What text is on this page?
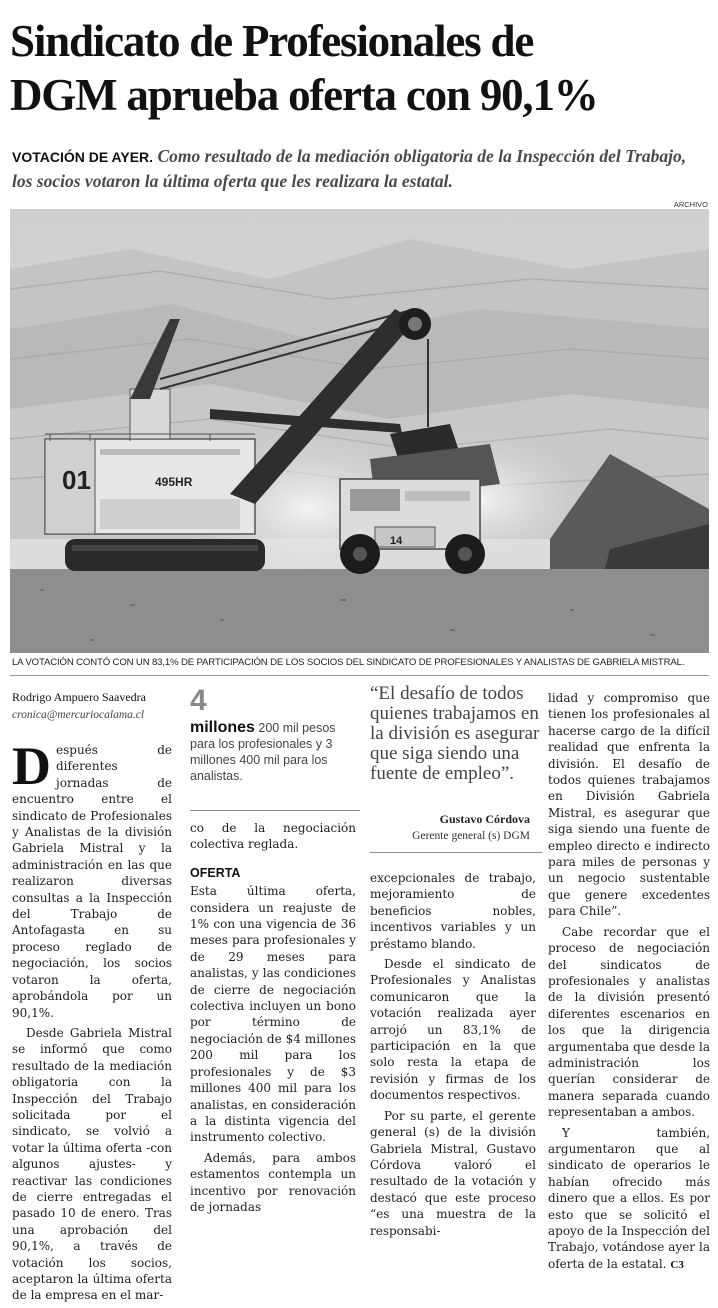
Sindicato de Profesionales de
DGM aprueba oferta con 90,1%
VOTACIÓN DE AYER. Como resultado de la mediación obligatoria de la Inspección del Trabajo, los socios votaron la última oferta que les realizara la estatal.
ARCHIVO
01	495HR
14
LA VOTACIÓN CONTÓ CON UN 83,1% DE PARTICIPACIÓN DE LOS SOCIOS DEL SINDICATO DE PROFESIONALES Y ANALISTAS DE GABRIELA MISTRAL.
Rodrigo Ampuero Saavedra
cronica@mercuriocalama.cl

Después de diferentes jornadas de encuentro entre el sindicato de Profesionales y Analistas de la división Gabriela Mistral y la administración en las que realizaron diversas consultas a la Inspección del Trabajo de Antofagasta en su proceso reglado de negociación, los socios votaron la oferta, aprobándola por un 90,1%.

Desde Gabriela Mistral se informó que como resultado de la mediación obligatoria con la Inspección del Trabajo solicitada por el sindicato, se volvió a votar la última oferta -con algunos ajustes- y reactivar las condiciones de cierre entregadas el pasado 10 de enero. Tras una aprobación del 90,1%, a través de votación los socios, aceptaron la última oferta de la empresa en el mar-

4
millones 200 mil pesos para los profesionales y 3 millones 400 mil para los analistas.

co de la negociación colectiva reglada.

OFERTA

Esta última oferta, considera un reajuste de 1% con una vigencia de 36 meses para profesionales y de 29 meses para analistas, y las condiciones de cierre de negociación colectiva incluyen un bono por término de negociación de $4 millones 200 mil para los profesionales y de $3 millones 400 mil para los analistas, en consideración a la distinta vigencia del instrumento colectivo.

Además, para ambos estamentos contempla un incentivo por renovación de jornadas

“El desafío de todos quienes trabajamos en la división es asegurar que siga siendo una fuente de empleo”.
Gustavo Córdova
Gerente general (s) DGM

excepcionales de trabajo, mejoramiento de beneficios nobles, incentivos variables y un préstamo blando.

Desde el sindicato de Profesionales y Analistas comunicaron que la votación realizada ayer arrojó un 83,1% de participación en la que solo resta la etapa de revisión y firmas de los documentos respectivos.

Por su parte, el gerente general (s) de la división Gabriela Mistral, Gustavo Córdova valoró el resultado de la votación y destacó que este proceso “es una muestra de la responsabi-

lidad y compromiso que tienen los profesionales al hacerse cargo de la difícil realidad que enfrenta la división. El desafío de todos quienes trabajamos en División Gabriela Mistral, es asegurar que siga siendo una fuente de empleo directo e indirecto para miles de personas y un negocio sustentable que genere excedentes para Chile”.

Cabe recordar que el proceso de negociación del sindicatos de profesionales y analistas de la división presentó diferentes escenarios en los que la dirigencia argumentaba que desde la administración los querían considerar de manera separada cuando representaban a ambos.

Y también, argumentaron que al sindicato de operarios le habían ofrecido más dinero que a ellos. Es por esto que se solicitó el apoyo de la Inspección del Trabajo, votándose ayer la oferta de la estatal. C3
